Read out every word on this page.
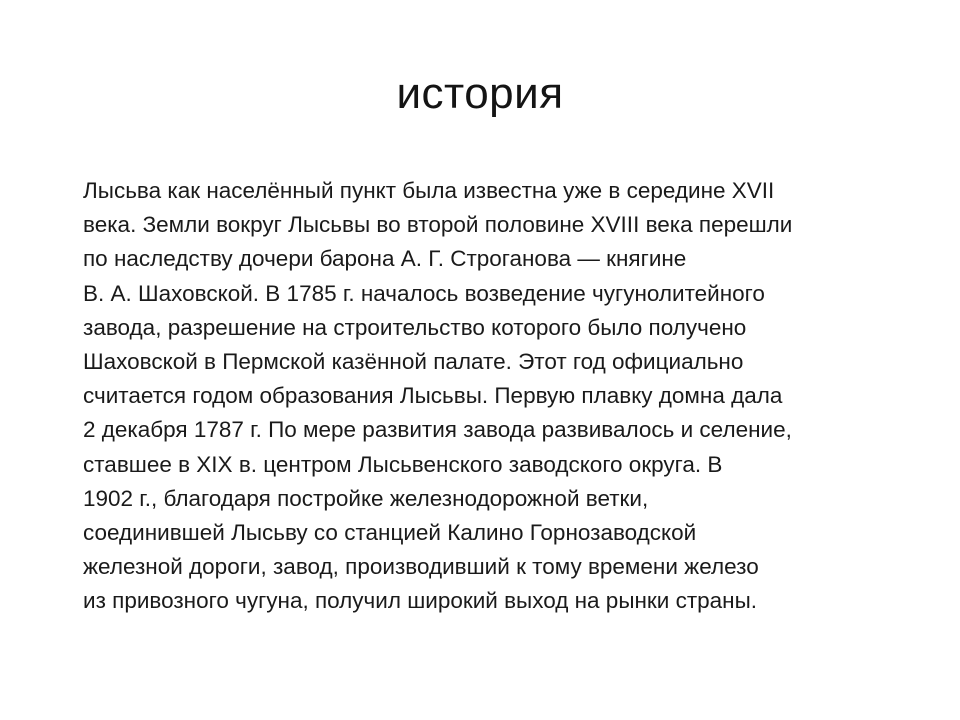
история
Лысьва как населённый пункт была известна уже в середине XVII
века. Земли вокруг Лысьвы во второй половине XVIII века перешли
по наследству дочери барона А. Г. Строганова — княгине
В. А. Шаховской. В 1785 г. началось возведение чугунолитейного
завода, разрешение на строительство которого было получено
Шаховской в Пермской казённой палате. Этот год официально
считается годом образования Лысьвы. Первую плавку домна дала
2 декабря 1787 г. По мере развития завода развивалось и селение,
ставшее в XIX в. центром Лысьвенского заводского округа. В
1902 г., благодаря постройке железнодорожной ветки,
соединившей Лысьву со станцией Калино Горнозаводской
железной дороги, завод, производивший к тому времени железо
из привозного чугуна, получил широкий выход на рынки страны.
